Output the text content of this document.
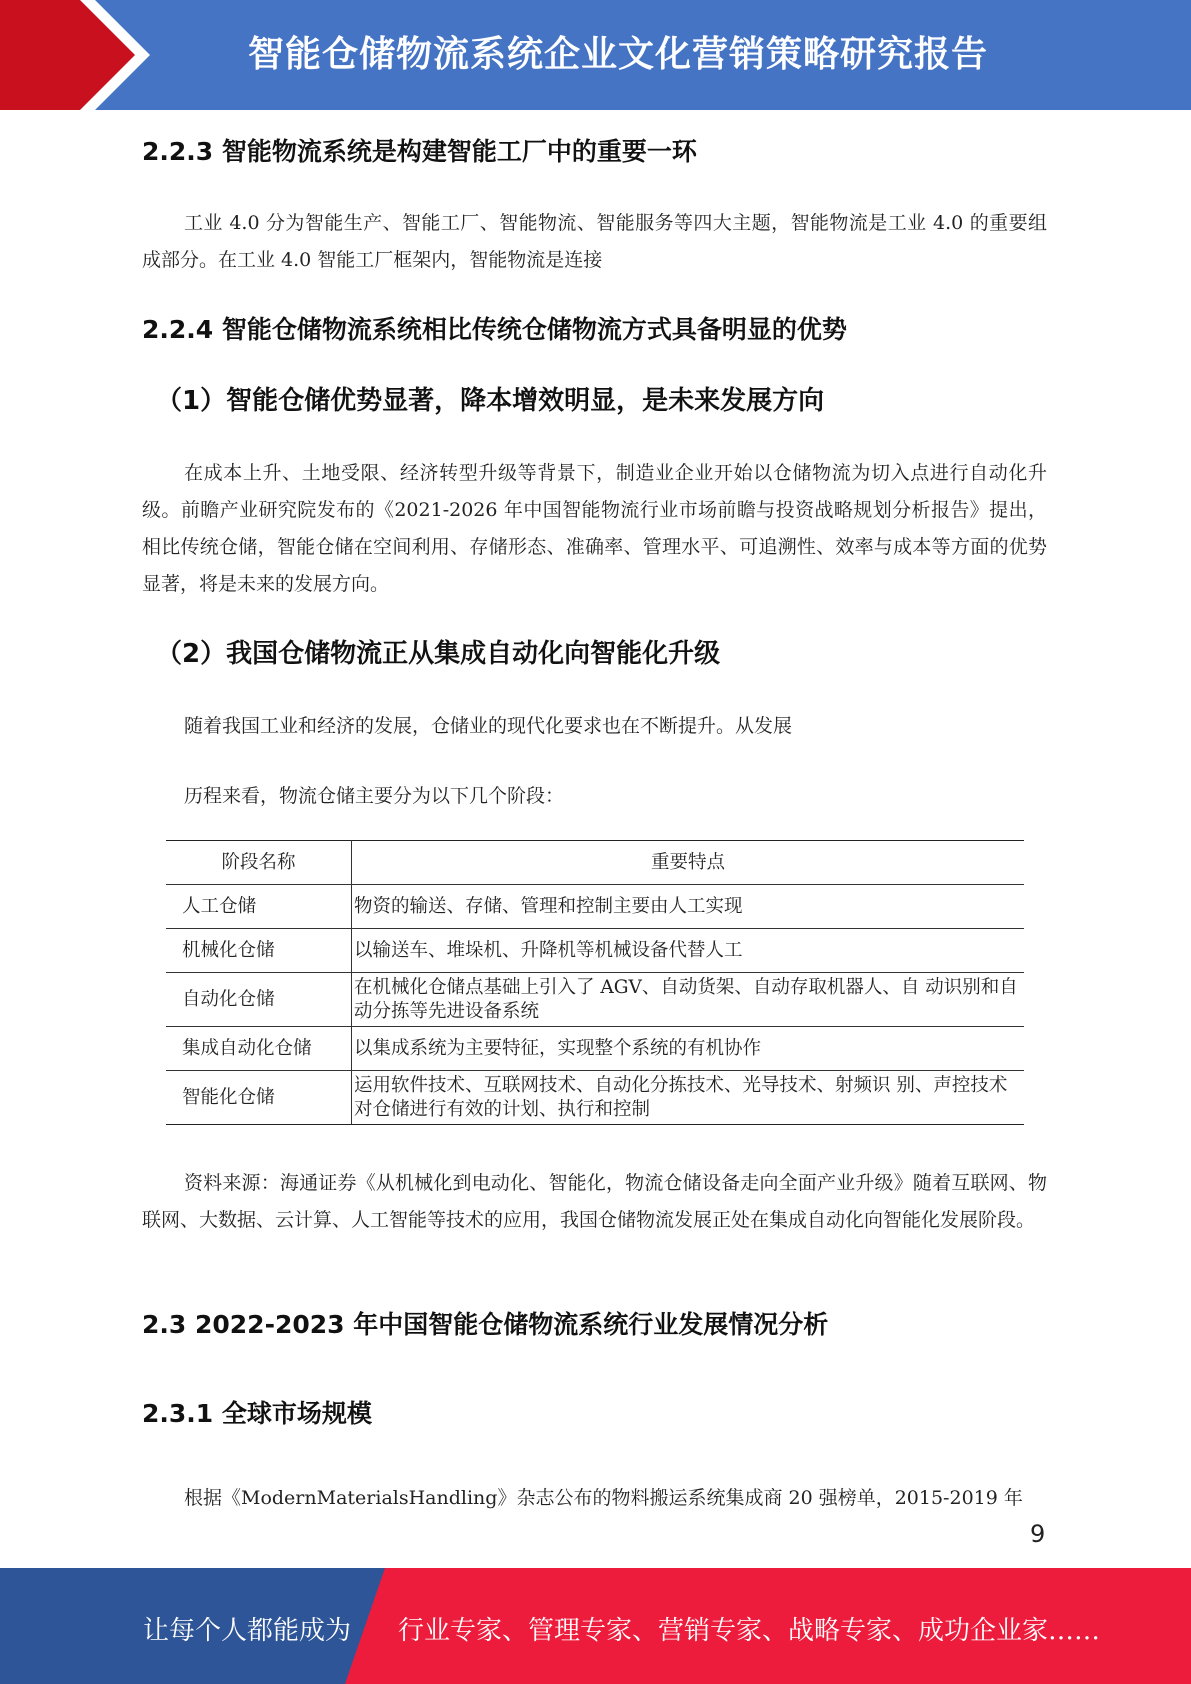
智能仓储物流系统企业文化营销策略研究报告
2.2.3 智能物流系统是构建智能工厂中的重要一环
工业 4.0 分为智能生产、智能工厂、智能物流、智能服务等四大主题，智能物流是工业 4.0 的重要组成部分。在工业 4.0 智能工厂框架内，智能物流是连接
2.2.4 智能仓储物流系统相比传统仓储物流方式具备明显的优势
（1）智能仓储优势显著，降本增效明显，是未来发展方向
在成本上升、土地受限、经济转型升级等背景下，制造业企业开始以仓储物流为切入点进行自动化升级。前瞻产业研究院发布的《2021-2026 年中国智能物流行业市场前瞻与投资战略规划分析报告》提出，相比传统仓储，智能仓储在空间利用、存储形态、准确率、管理水平、可追溯性、效率与成本等方面的优势显著，将是未来的发展方向。
（2）我国仓储物流正从集成自动化向智能化升级
随着我国工业和经济的发展，仓储业的现代化要求也在不断提升。从发展
历程来看，物流仓储主要分为以下几个阶段：
阶段名称	重要特点
人工仓储	物资的输送、存储、管理和控制主要由人工实现
机械化仓储	以输送车、堆垛机、升降机等机械设备代替人工
自动化仓储	在机械化仓储点基础上引入了 AGV、自动货架、自动存取机器人、自 动识别和自动分拣等先进设备系统
集成自动化仓储	以集成系统为主要特征，实现整个系统的有机协作
智能化仓储	运用软件技术、互联网技术、自动化分拣技术、光导技术、射频识 别、声控技术对仓储进行有效的计划、执行和控制
资料来源：海通证券《从机械化到电动化、智能化，物流仓储设备走向全面产业升级》随着互联网、物联网、大数据、云计算、人工智能等技术的应用，我国仓储物流发展正处在集成自动化向智能化发展阶段。
2.3 2022-2023 年中国智能仓储物流系统行业发展情况分析
2.3.1 全球市场规模
根据《ModernMaterialsHandling》杂志公布的物料搬运系统集成商 20 强榜单，2015-2019 年
9
让每个人都能成为 行业专家、管理专家、营销专家、战略专家、成功企业家……
